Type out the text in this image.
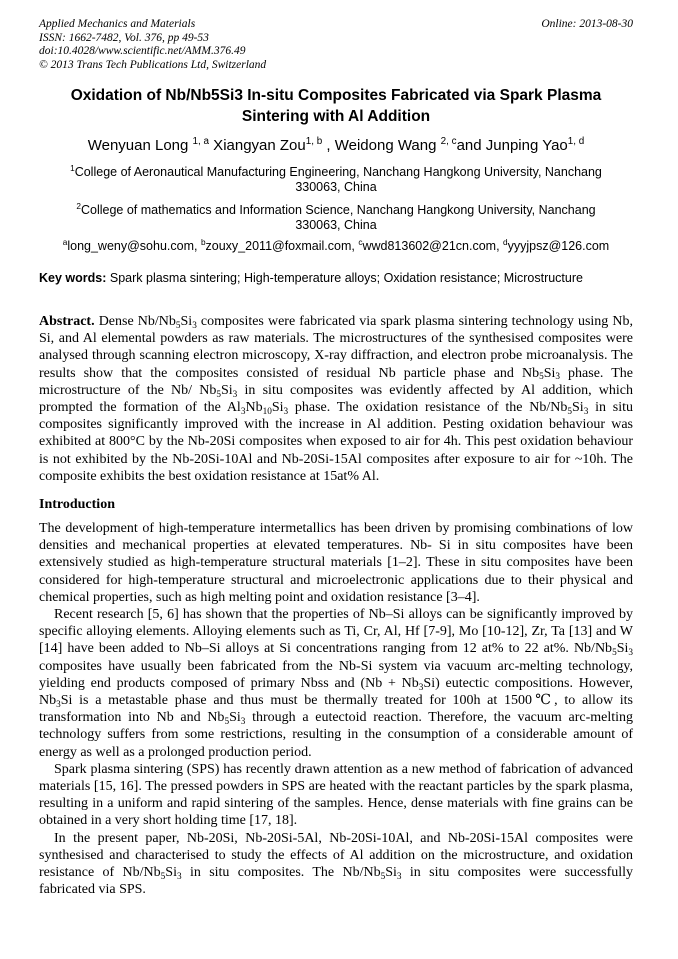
Applied Mechanics and Materials
ISSN: 1662-7482, Vol. 376, pp 49-53
doi:10.4028/www.scientific.net/AMM.376.49
© 2013 Trans Tech Publications Ltd, Switzerland
Online: 2013-08-30
Oxidation of Nb/Nb5Si3 In-situ Composites Fabricated via Spark Plasma Sintering with Al Addition
Wenyuan Long $^{1, a}$ Xiangyan Zou$^{1, b}$ , Weidong Wang $^{2, c}$and Junping Yao$^{1, d}$
$^1$College of Aeronautical Manufacturing Engineering, Nanchang Hangkong University, Nanchang 330063, China
$^2$College of mathematics and Information Science, Nanchang Hangkong University, Nanchang 330063, China
$^a$long_weny@sohu.com, $^b$zouxy_2011@foxmail.com, $^c$wwd813602@21cn.com, $^d$yyyjpsz@126.com
Key words: Spark plasma sintering; High-temperature alloys; Oxidation resistance; Microstructure

Abstract. Dense $Nb/Nb_5Si_3$ composites were fabricated via spark plasma sintering technology using Nb, Si, and Al elemental powders as raw materials. The microstructures of the synthesised composites were analysed through scanning electron microscopy, X-ray diffraction, and electron probe microanalysis. The results show that the composites consisted of residual Nb particle phase and $Nb_5Si_3$ phase. The microstructure of the Nb/ $Nb_5Si_3$ in situ composites was evidently affected by Al addition, which prompted the formation of the $Al_3Nb_{10}Si_3$ phase. The oxidation resistance of the $Nb/Nb_5Si_3$ in situ composites significantly improved with the increase in Al addition. Pesting oxidation behaviour was exhibited at 800°C by the Nb-20Si composites when exposed to air for 4h. This pest oxidation behaviour is not exhibited by the Nb-20Si-10Al and Nb-20Si-15Al composites after exposure to air for ~10h. The composite exhibits the best oxidation resistance at 15at% Al.

Introduction

The development of high-temperature intermetallics has been driven by promising combinations of low densities and mechanical properties at elevated temperatures. Nb- Si in situ composites have been extensively studied as high-temperature structural materials [1–2]. These in situ composites have been considered for high-temperature structural and microelectronic applications due to their physical and chemical properties, such as high melting point and oxidation resistance [3–4].

Recent research [5, 6] has shown that the properties of Nb–Si alloys can be significantly improved by specific alloying elements. Alloying elements such as Ti, Cr, Al, Hf [7-9], Mo [10-12], Zr, Ta [13] and W [14] have been added to Nb–Si alloys at Si concentrations ranging from 12 at% to 22 at%. $Nb/Nb_5Si_3$ composites have usually been fabricated from the Nb-Si system via vacuum arc-melting technology, yielding end products composed of primary Nbss and $(Nb + Nb_3Si)$ eutectic compositions. However, $Nb_3Si$ is a metastable phase and thus must be thermally treated for 100h at 1500℃, to allow its transformation into Nb and $Nb_5Si_3$ through a eutectoid reaction. Therefore, the vacuum arc-melting technology suffers from some restrictions, resulting in the consumption of a considerable amount of energy as well as a prolonged production period.

Spark plasma sintering (SPS) has recently drawn attention as a new method of fabrication of advanced materials [15, 16]. The pressed powders in SPS are heated with the reactant particles by the spark plasma, resulting in a uniform and rapid sintering of the samples. Hence, dense materials with fine grains can be obtained in a very short holding time [17, 18].

In the present paper, Nb-20Si, Nb-20Si-5Al, Nb-20Si-10Al, and Nb-20Si-15Al composites were synthesised and characterised to study the effects of Al addition on the microstructure, and oxidation resistance of $Nb/Nb_5Si_3$ in situ composites. The $Nb/Nb_5Si_3$ in situ composites were successfully fabricated via SPS.
